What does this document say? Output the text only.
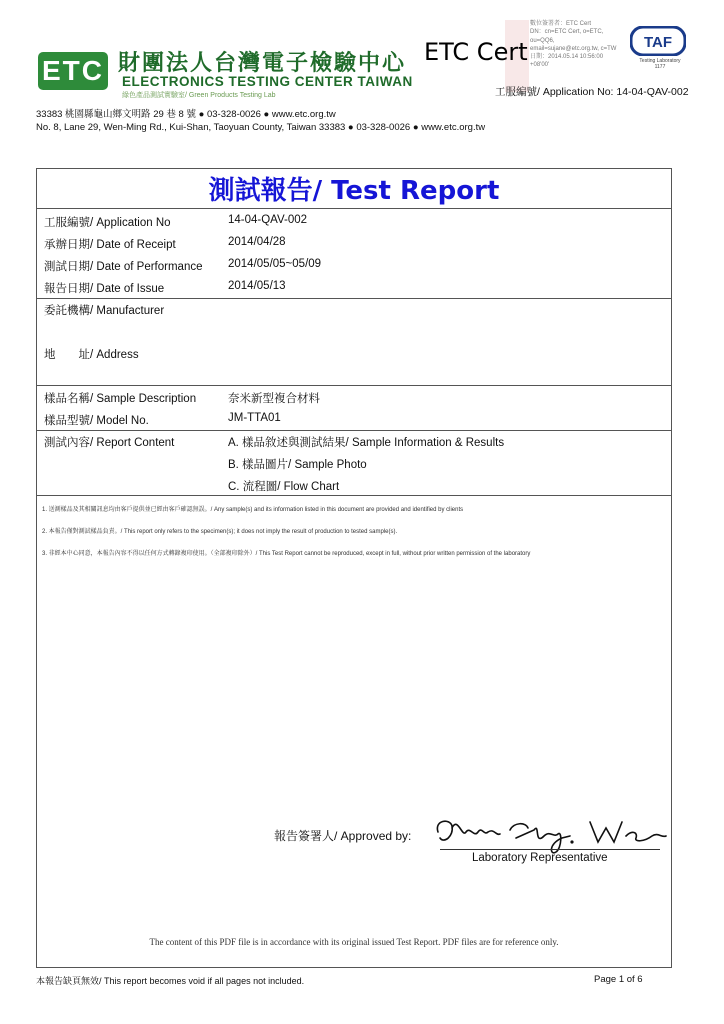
ETC 財團法人台灣電子檢驗中心
ELECTRONICS TESTING CENTER TAIWAN
綠色產品測試實驗室/ Green Products Testing Lab
ETC Cert
數位簽署者：ETC Cert
DN：cn=ETC Cert, o=ETC,
ou=QQ6,
email=sujane@etc.org.tw, c=TW
日期：2014.05.14 10:56:00
+08'00'
TAF
Testing Laboratory
1177
工服編號/ Application No: 14-04-QAV-002
33383 桃園縣龜山鄉文明路 29 巷 8 號 ● 03-328-0026 ● www.etc.org.tw
No. 8, Lane 29, Wen-Ming Rd., Kui-Shan, Taoyuan County, Taiwan 33383 ● 03-328-0026 ● www.etc.org.tw
測試報告/ Test Report
工服編號/ Application No	14-04-QAV-002
承辦日期/ Date of Receipt	2014/04/28
測試日期/ Date of Performance 2014/05/05~05/09
報告日期/ Date of Issue	2014/05/13
委託機構/ Manufacturer
地　　址/ Address
樣品名稱/ Sample Description	奈米新型複合材料
樣品型號/ Model No.	JM-TTA01
測試內容/ Report Content	A. 樣品敘述與測試結果/ Sample Information & Results
B. 樣品圖片/ Sample Photo
C. 流程圖/ Flow Chart
1. 送測樣品及其相關訊息均由客戶提供並已經由客戶確認無誤。/ Any sample(s) and its information listed in this document are provided and identified by clients
2. 本報告僅對測試樣品負責。/ This report only refers to the specimen(s); it does not imply the result of production to tested sample(s).
3. 非經本中心同意，本報告內容不得以任何方式轉錄複印使用。（全部複印除外）/ This Test Report cannot be reproduced, except in full, without prior written permission of the laboratory
報告簽署人/ Approved by:
Laboratory Representative
The content of this PDF file is in accordance with its original issued Test Report. PDF files are for reference only.
本報告缺頁無效/ This report becomes void if all pages not included.	Page 1 of 6
